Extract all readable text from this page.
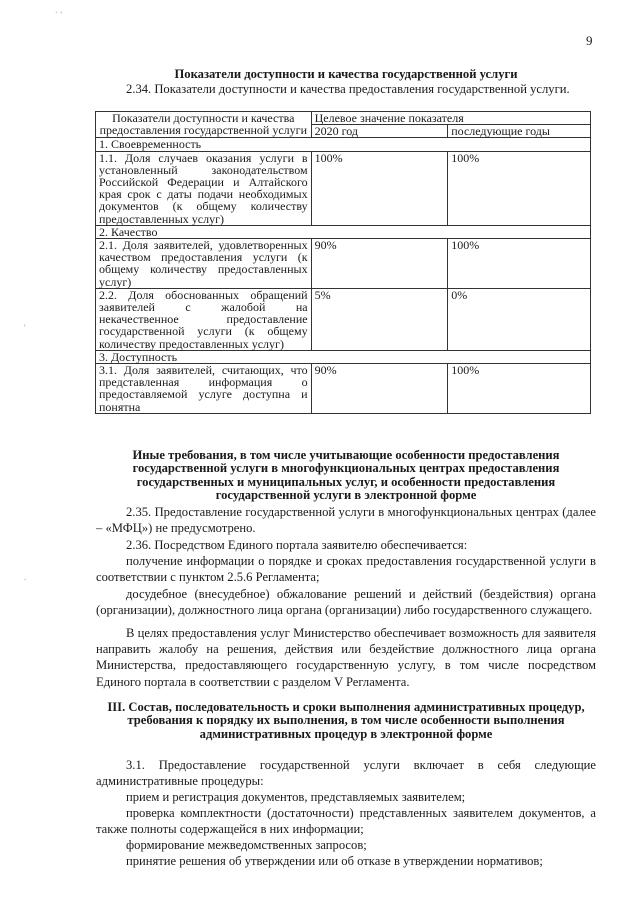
` '
9
Показатели доступности и качества государственной услуги

2.34. Показатели доступности и качества предоставления государственной услуги.

Показатели доступности и качества предоставления государственной услуги	Целевое значение показателя	
	2020 год	последующие годы
1. Своевременность		
1.1. Доля случаев оказания услуги в установленный законодательством Российской Федерации и Алтайского края срок с даты подачи необходимых документов (к общему количеству предоставленных услуг)	100%	100%
2. Качество		
2.1. Доля заявителей, удовлетворенных качеством предоставления услуги (к общему количеству предоставленных услуг)	90%	100%
2.2. Доля обоснованных обращений заявителей с жалобой на некачественное предоставление государственной услуги (к общему количеству предоставленных услуг)	5%	0%
3. Доступность		
3.1. Доля заявителей, считающих, что представленная информация о предоставляемой услуге доступна и понятна	90%	100%
Иные требования, в том числе учитывающие особенности предоставления государственной услуги в многофункциональных центрах предоставления государственных и муниципальных услуг, и особенности предоставления государственной услуги в электронной форме

2.35. Предоставление государственной услуги в многофункциональных центрах (далее – «МФЦ») не предусмотрено.

2.36. Посредством Единого портала заявителю обеспечивается:

получение информации о порядке и сроках предоставления государственной услуги в соответствии с пунктом 2.5.6 Регламента;

досудебное (внесудебное) обжалование решений и действий (бездействия) органа (организации), должностного лица органа (организации) либо государственного служащего.

В целях предоставления услуг Министерство обеспечивает возможность для заявителя направить жалобу на решения, действия или бездействие должностного лица органа Министерства, предоставляющего государственную услугу, в том числе посредством Единого портала в соответствии с разделом V Регламента.

III. Состав, последовательность и сроки выполнения административных процедур, требования к порядку их выполнения, в том числе особенности выполнения административных процедур в электронной форме

3.1. Предоставление государственной услуги включает в себя следующие административные процедуры:

прием и регистрация документов, представляемых заявителем;

проверка комплектности (достаточности) представленных заявителем документов, а также полноты содержащейся в них информации;

формирование межведомственных запросов;

принятие решения об утверждении или об отказе в утверждении нормативов;

'
.
